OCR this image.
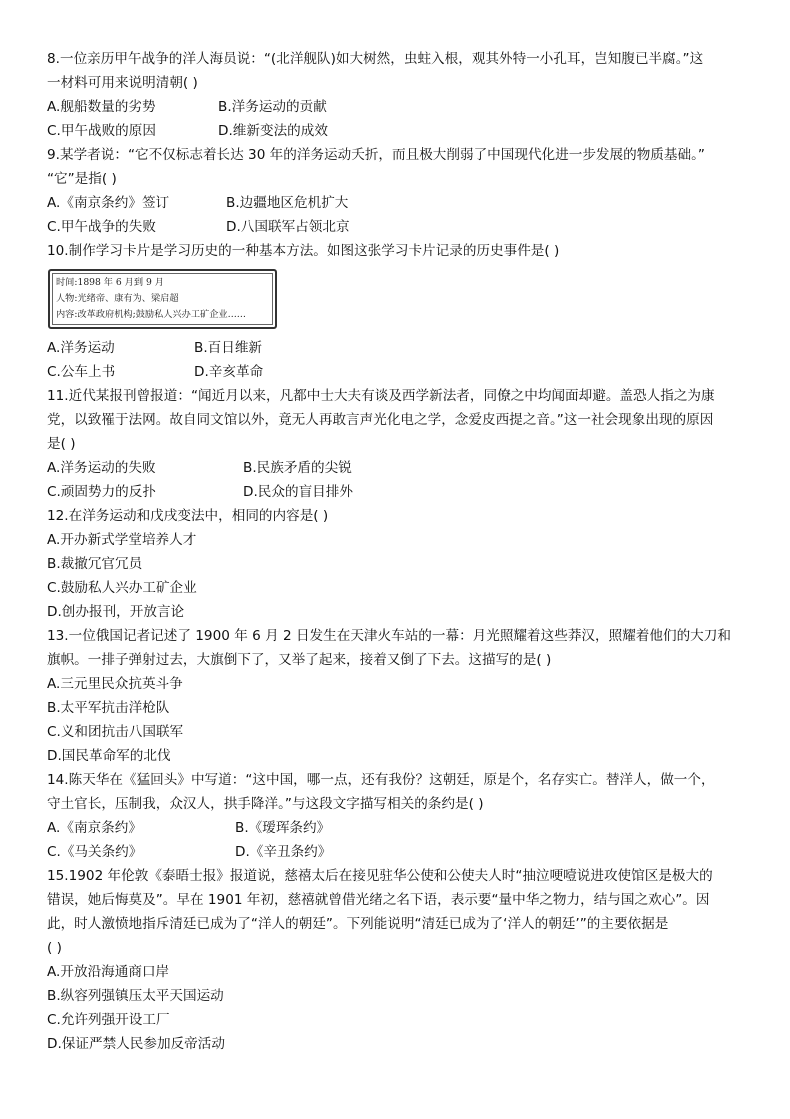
8.一位亲历甲午战争的洋人海员说：“(北洋舰队)如大树然，虫蛀入根，观其外特一小孔耳，岂知腹已半腐。”这
一材料可用来说明清朝( )
A.舰船数量的劣势	B.洋务运动的贡献
C.甲午战败的原因	D.维新变法的成效
9.某学者说：“它不仅标志着长达 30 年的洋务运动夭折，而且极大削弱了中国现代化进一步发展的物质基础。”
“它”是指( )
A.《南京条约》签订	B.边疆地区危机扩大
C.甲午战争的失败	D.八国联军占领北京
10.制作学习卡片是学习历史的一种基本方法。如图这张学习卡片记录的历史事件是( )
时间:1898 年 6 月到 9 月
人物:光绪帝、康有为、梁启超
内容:改革政府机构;鼓励私人兴办工矿企业……
A.洋务运动	B.百日维新
C.公车上书	D.辛亥革命
11.近代某报刊曾报道：“闻近月以来，凡都中士大夫有谈及西学新法者，同僚之中均闻面却避。盖恐人指之为康
党，以致罹于法网。故自同文馆以外，竟无人再敢言声光化电之学，念爱皮西提之音。”这一社会现象出现的原因
是( )
A.洋务运动的失败	B.民族矛盾的尖锐
C.顽固势力的反扑	D.民众的盲目排外
12.在洋务运动和戊戌变法中，相同的内容是( )
A.开办新式学堂培养人才
B.裁撤冗官冗员
C.鼓励私人兴办工矿企业
D.创办报刊，开放言论
13.一位俄国记者记述了 1900 年 6 月 2 日发生在天津火车站的一幕：月光照耀着这些莽汉，照耀着他们的大刀和
旗帜。一排子弹射过去，大旗倒下了，又举了起来，接着又倒了下去。这描写的是( )
A.三元里民众抗英斗争
B.太平军抗击洋枪队
C.义和团抗击八国联军
D.国民革命军的北伐
14.陈天华在《猛回头》中写道：“这中国，哪一点，还有我份？这朝廷，原是个，名存实亡。替洋人，做一个，
守土官长，压制我，众汉人，拱手降洋。”与这段文字描写相关的条约是( )
A.《南京条约》	B.《瑷珲条约》
C.《马关条约》	D.《辛丑条约》
15.1902 年伦敦《泰晤士报》报道说，慈禧太后在接见驻华公使和公使夫人时“抽泣哽噎说进攻使馆区是极大的
错误，她后悔莫及”。早在 1901 年初，慈禧就曾借光绪之名下语，表示要“量中华之物力，结与国之欢心”。因
此，时人激愤地指斥清廷已成为了“洋人的朝廷”。下列能说明“清廷已成为了‘洋人的朝廷’”的主要依据是
( )
A.开放沿海通商口岸
B.纵容列强镇压太平天国运动
C.允许列强开设工厂
D.保证严禁人民参加反帝活动
